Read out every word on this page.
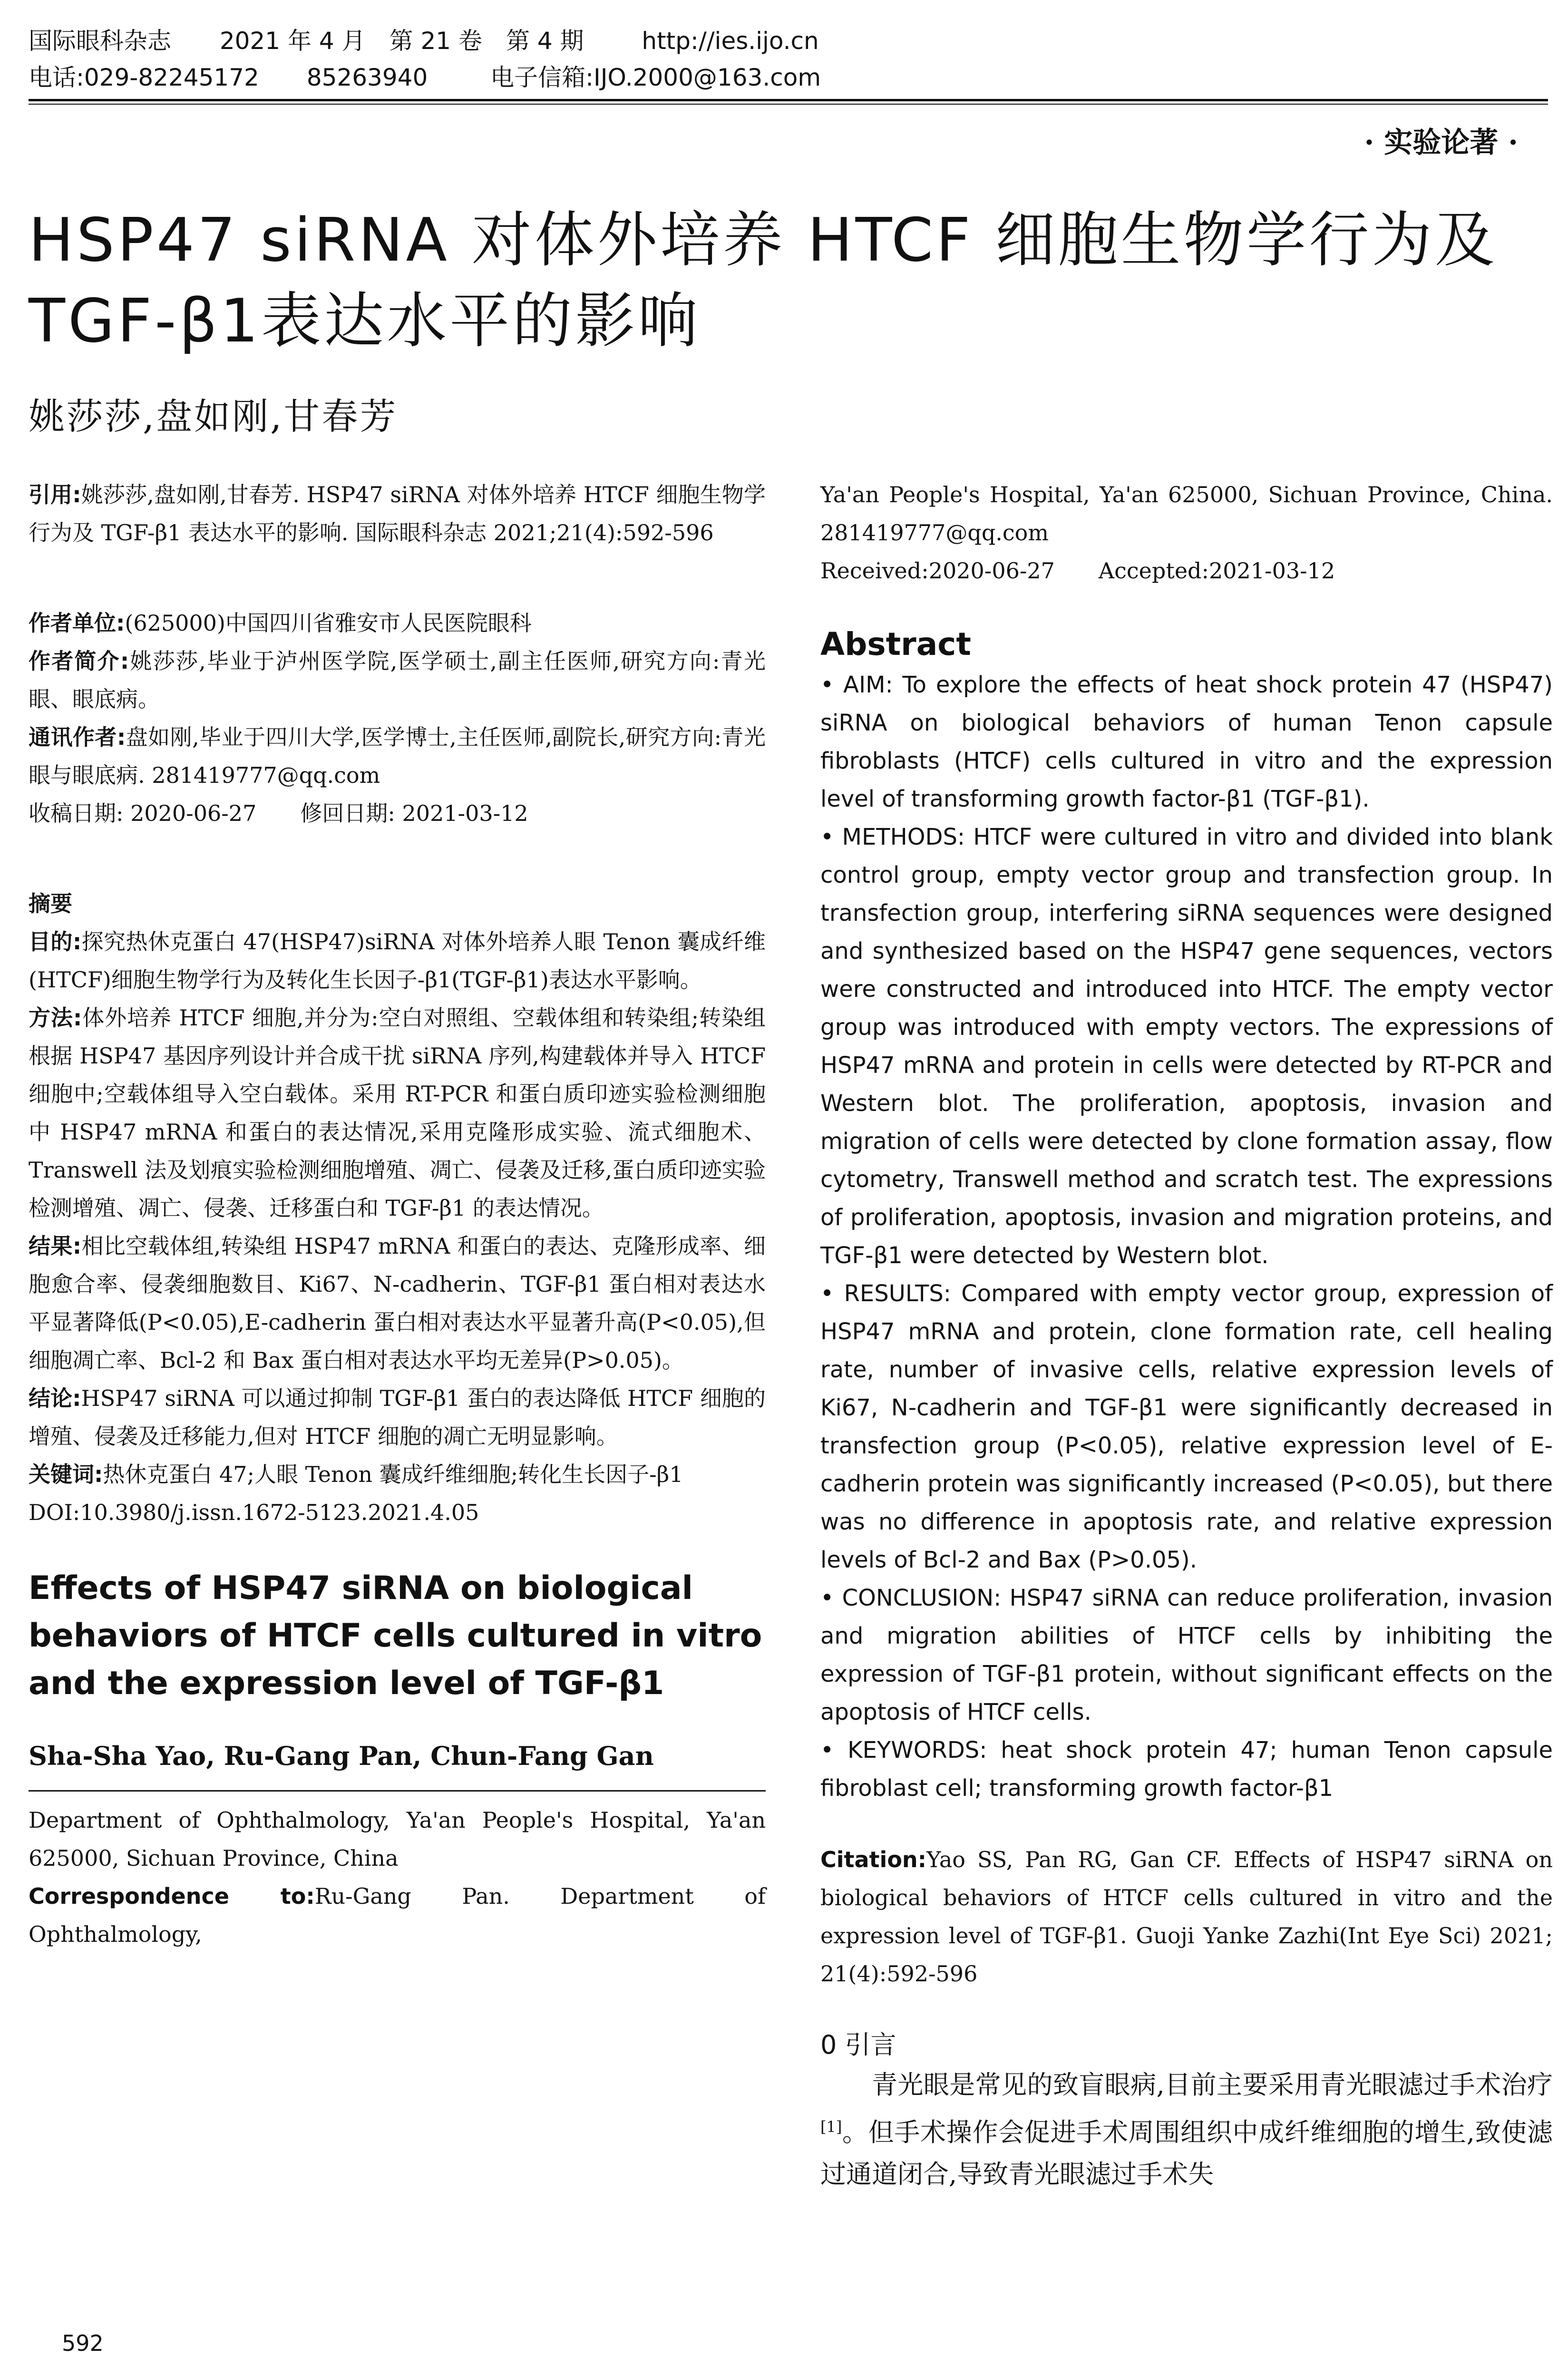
国际眼科杂志 2021 年 4 月　第 21 卷　第 4 期 http://ies.ijo.cn
电话:029-82245172　　85263940	电子信箱:IJO.2000@163.com
· 实验论著 ·
HSP47 siRNA 对体外培养 HTCF 细胞生物学行为及
TGF-β1表达水平的影响
姚莎莎,盘如刚,甘春芳

引用:姚莎莎,盘如刚,甘春芳. HSP47 siRNA 对体外培养 HTCF 细胞生物学行为及 TGF-β1 表达水平的影响. 国际眼科杂志 2021;21(4):592-596

作者单位:(625000)中国四川省雅安市人民医院眼科

作者简介:姚莎莎,毕业于泸州医学院,医学硕士,副主任医师,研究方向:青光眼、眼底病。

通讯作者:盘如刚,毕业于四川大学,医学博士,主任医师,副院长,研究方向:青光眼与眼底病. 281419777@qq.com

收稿日期: 2020-06-27　　修回日期: 2021-03-12

摘要

目的:探究热休克蛋白 47(HSP47)siRNA 对体外培养人眼 Tenon 囊成纤维(HTCF)细胞生物学行为及转化生长因子-β1(TGF-β1)表达水平影响。

方法:体外培养 HTCF 细胞,并分为:空白对照组、空载体组和转染组;转染组根据 HSP47 基因序列设计并合成干扰 siRNA 序列,构建载体并导入 HTCF 细胞中;空载体组导入空白载体。采用 RT-PCR 和蛋白质印迹实验检测细胞中 HSP47 mRNA 和蛋白的表达情况,采用克隆形成实验、流式细胞术、Transwell 法及划痕实验检测细胞增殖、凋亡、侵袭及迁移,蛋白质印迹实验检测增殖、凋亡、侵袭、迁移蛋白和 TGF-β1 的表达情况。

结果:相比空载体组,转染组 HSP47 mRNA 和蛋白的表达、克隆形成率、细胞愈合率、侵袭细胞数目、Ki67、N-cadherin、TGF-β1 蛋白相对表达水平显著降低(P<0.05),E-cadherin 蛋白相对表达水平显著升高(P<0.05),但细胞凋亡率、Bcl-2 和 Bax 蛋白相对表达水平均无差异(P>0.05)。

结论:HSP47 siRNA 可以通过抑制 TGF-β1 蛋白的表达降低 HTCF 细胞的增殖、侵袭及迁移能力,但对 HTCF 细胞的凋亡无明显影响。

关键词:热休克蛋白 47;人眼 Tenon 囊成纤维细胞;转化生长因子-β1

DOI:10.3980/j.issn.1672-5123.2021.4.05

Effects of HSP47 siRNA on biological behaviors of HTCF cells cultured in vitro and the expression level of TGF-β1

Sha-Sha Yao, Ru-Gang Pan, Chun-Fang Gan

Department of Ophthalmology, Ya'an People's Hospital, Ya'an 625000, Sichuan Province, China

Correspondence to:Ru-Gang Pan. Department of Ophthalmology,

Ya'an People's Hospital, Ya'an 625000, Sichuan Province, China. 281419777@qq.com

Received:2020-06-27　　Accepted:2021-03-12

Abstract

• AIM: To explore the effects of heat shock protein 47 (HSP47) siRNA on biological behaviors of human Tenon capsule fibroblasts (HTCF) cells cultured in vitro and the expression level of transforming growth factor-β1 (TGF-β1).

• METHODS: HTCF were cultured in vitro and divided into blank control group, empty vector group and transfection group. In transfection group, interfering siRNA sequences were designed and synthesized based on the HSP47 gene sequences, vectors were constructed and introduced into HTCF. The empty vector group was introduced with empty vectors. The expressions of HSP47 mRNA and protein in cells were detected by RT-PCR and Western blot. The proliferation, apoptosis, invasion and migration of cells were detected by clone formation assay, flow cytometry, Transwell method and scratch test. The expressions of proliferation, apoptosis, invasion and migration proteins, and TGF-β1 were detected by Western blot.

• RESULTS: Compared with empty vector group, expression of HSP47 mRNA and protein, clone formation rate, cell healing rate, number of invasive cells, relative expression levels of Ki67, N-cadherin and TGF-β1 were significantly decreased in transfection group (P<0.05), relative expression level of E-cadherin protein was significantly increased (P<0.05), but there was no difference in apoptosis rate, and relative expression levels of Bcl-2 and Bax (P>0.05).

• CONCLUSION: HSP47 siRNA can reduce proliferation, invasion and migration abilities of HTCF cells by inhibiting the expression of TGF-β1 protein, without significant effects on the apoptosis of HTCF cells.

• KEYWORDS: heat shock protein 47; human Tenon capsule fibroblast cell; transforming growth factor-β1

Citation:Yao SS, Pan RG, Gan CF. Effects of HSP47 siRNA on biological behaviors of HTCF cells cultured in vitro and the expression level of TGF-β1. Guoji Yanke Zazhi(Int Eye Sci) 2021; 21(4):592-596

0 引言

青光眼是常见的致盲眼病,目前主要采用青光眼滤过手术治疗[1]。但手术操作会促进手术周围组织中成纤维细胞的增生,致使滤过通道闭合,导致青光眼滤过手术失

592
